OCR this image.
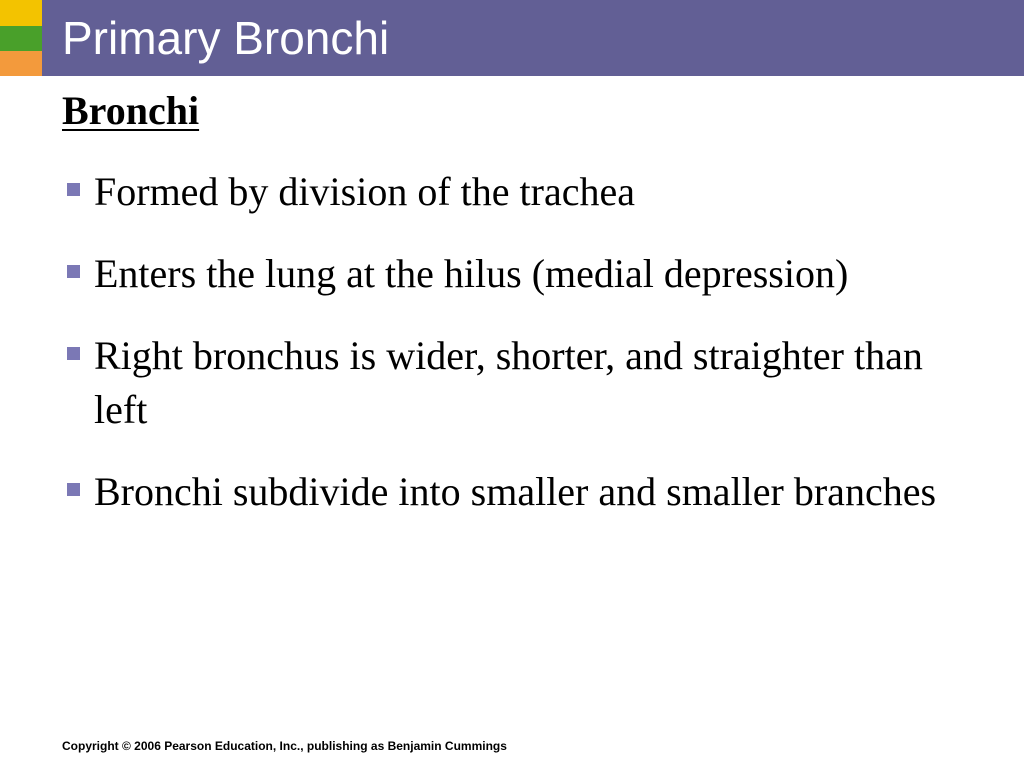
Primary Bronchi
Bronchi
Formed by division of the trachea
Enters the lung at the hilus (medial depression)
Right bronchus is wider, shorter, and straighter than left
Bronchi subdivide into smaller and smaller branches

Copyright © 2006 Pearson Education, Inc., publishing as Benjamin Cummings
